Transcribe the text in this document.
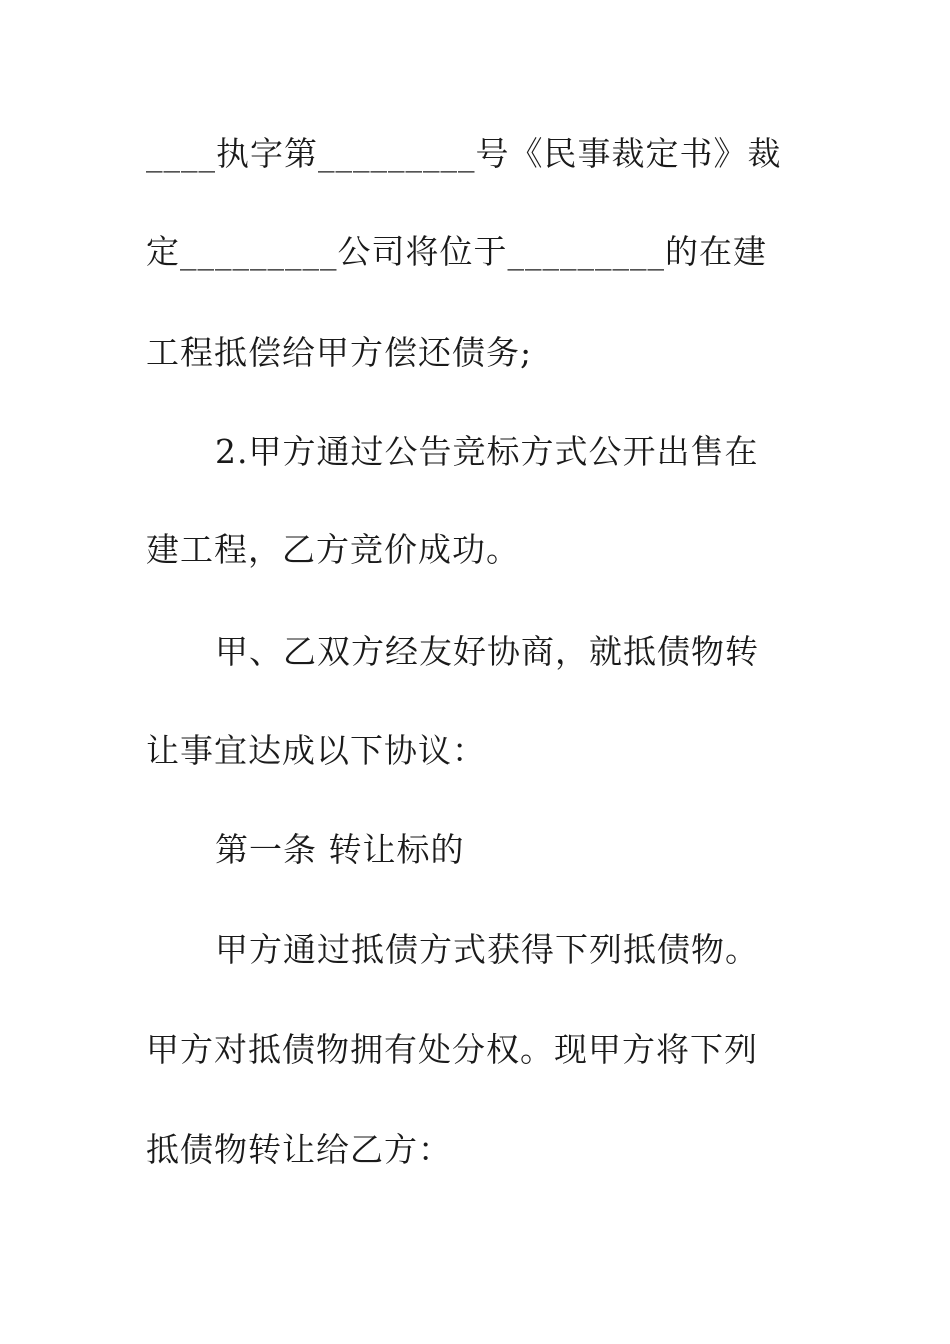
____执字第_________号《民事裁定书》裁
定_________公司将位于_________的在建
工程抵偿给甲方偿还债务;
2.甲方通过公告竞标方式公开出售在
建工程，乙方竞价成功。
甲、乙双方经友好协商，就抵债物转
让事宜达成以下协议：
第一条 转让标的
甲方通过抵债方式获得下列抵债物。
甲方对抵债物拥有处分权。现甲方将下列
抵债物转让给乙方：
